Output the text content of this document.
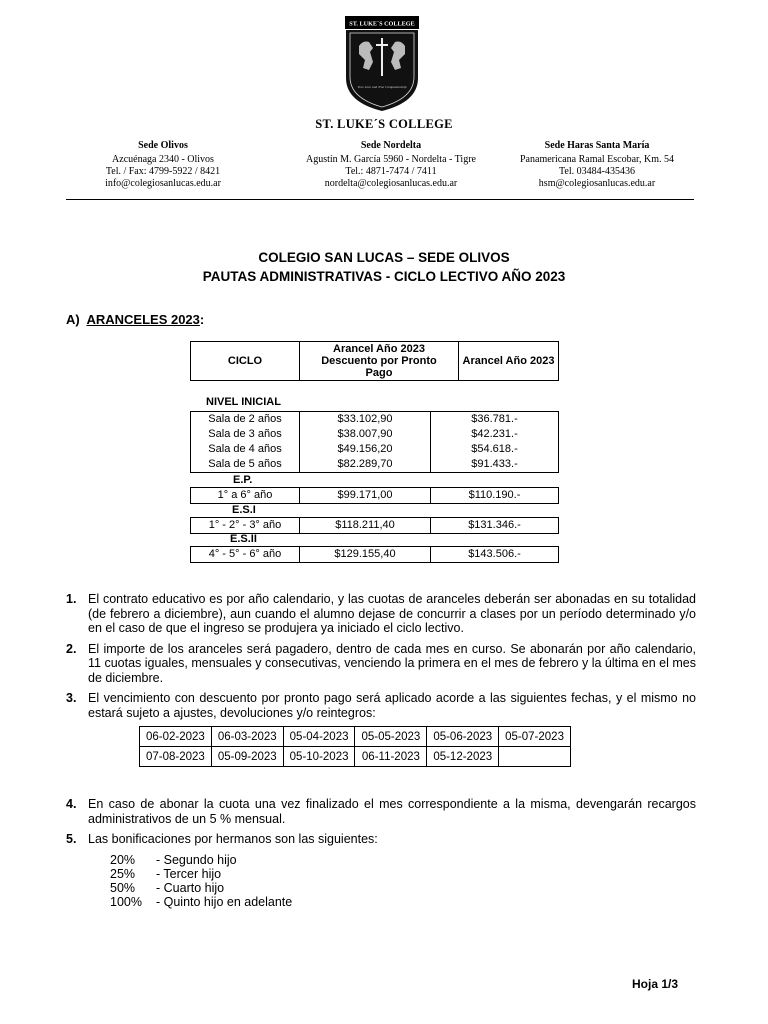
ST. LUKE´S COLLEGE
True Love and True Companionship
ST. LUKE´S COLLEGE
Sede Olivos
Azcuénaga 2340 - Olivos
Tel. / Fax: 4799-5922 / 8421
info@colegiosanlucas.edu.ar
Sede Nordelta
Agustín M. García 5960 - Nordelta - Tigre
Tel.: 4871-7474 / 7411
nordelta@colegiosanlucas.edu.ar
Sede Haras Santa María
Panamericana Ramal Escobar, Km. 54
Tel. 03484-435436
hsm@colegiosanlucas.edu.ar
COLEGIO SAN LUCAS – SEDE OLIVOS
PAUTAS ADMINISTRATIVAS - CICLO LECTIVO AÑO 2023
A) ARANCELES 2023:
CICLO	Arancel Año 2023 Descuento por Pronto Pago	Arancel Año 2023
NIVEL INICIAL
Sala de 2 años	$33.102,90	$36.781.-
Sala de 3 años	$38.007,90	$42.231.-
Sala de 4 años	$49.156,20	$54.618.-
Sala de 5 años	$82.289,70	$91.433.-
E.P.
1° a 6° año	$99.171,00	$110.190.-
E.S.I
1° - 2° - 3° año	$118.211,40	$131.346.-
E.S.II
4° - 5° - 6° año	$129.155,40	$143.506.-
1. El contrato educativo es por año calendario, y las cuotas de aranceles deberán ser abonadas en su totalidad (de febrero a diciembre), aun cuando el alumno dejase de concurrir a clases por un período determinado y/o en el caso de que el ingreso se produjera ya iniciado el ciclo lectivo.
2. El importe de los aranceles será pagadero, dentro de cada mes en curso. Se abonarán por año calendario, 11 cuotas iguales, mensuales y consecutivas, venciendo la primera en el mes de febrero y la última en el mes de diciembre.
3. El vencimiento con descuento por pronto pago será aplicado acorde a las siguientes fechas, y el mismo no estará sujeto a ajustes, devoluciones y/o reintegros:
06-02-2023	06-03-2023	05-04-2023	05-05-2023	05-06-2023	05-07-2023
07-08-2023	05-09-2023	05-10-2023	06-11-2023	05-12-2023	
4. En caso de abonar la cuota una vez finalizado el mes correspondiente a la misma, devengarán recargos administrativos de un 5 % mensual.
5. Las bonificaciones por hermanos son las siguientes:
20% - Segundo hijo
25% - Tercer hijo
50% - Cuarto hijo
100% - Quinto hijo en adelante
Hoja 1/3
